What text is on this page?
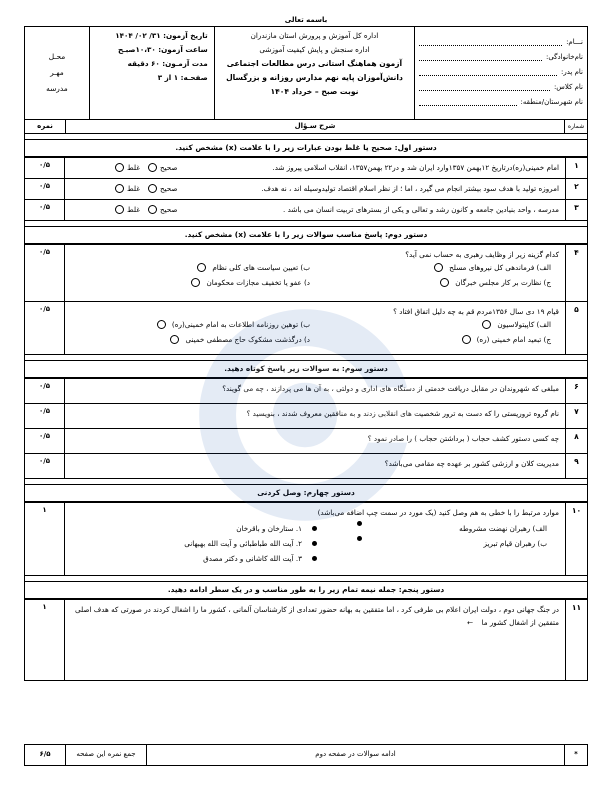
باسمه تعالی
نـــام:
نام‌خانوادگی:
نام پدر:
نام کلاس:
نام شهرستان/منطقه:
اداره کل آموزش و پرورش استان مازندران
اداره سنجش و پایش کیفیت آموزشی
آزمون هماهنگ استانی درس مطالعات اجتماعی
دانش‌آموزان پایه نهم مدارس روزانه و بزرگسال
نوبت صبح – خرداد ۱۴۰۴
تاریخ آزمون: ۳۱/ ۰۲/ ۱۴۰۴
ساعت آزمون: ۱۰،۳۰صبـح
مدت آزمـون: ۶۰ دقیقه
صفحـه: ۱ از ۳
محـل
مهـر
مدرسه
شماره
شرح سـؤال
نمره
دستور اول: صحیح یا غلط بودن عبارات زیر را با علامت (x) مشخص کنید.
۱
امام خمینی(ره)درتاریخ ۱۲بهمن ۱۳۵۷وارد ایران شد و در۲۲ بهمن۱۳۵۷، انقلاب اسلامی پیروز شد.
صحیح
غلط
۰/۵
۲
امروزه تولید با هدف سود بیشتر انجام می گیرد ، اما ؛ از نظر اسلام اقتصاد تولیدوسیله اند ، نه هدف.
صحیح
غلط
۰/۵
۳
مدرسه ، واحد بنیادین جامعه و کانون رشد و تعالی و یکی از بسترهای تربیت انسان می باشد .
صحیح
غلط
۰/۵
دستور دوم: پاسخ مناسب سوالات زیر را با علامت (x) مشخص کنید.
۴
کدام گزینه زیر از وظایف رهبری به حساب نمی آید؟
الف) فرماندهی کل نیروهای مسلح
ب) تعیین سیاست های کلی نظام
ج) نظارت بر کار مجلس خبرگان
د) عفو یا تخفیف مجازات محکومان
۰/۵
۵
قیام ۱۹ دی سال ۱۳۵۶مردم قم به چه دلیل اتفاق افتاد ؟
الف) کاپیتولاسیون
ب) توهین روزنامه اطلاعات به امام خمینی(ره)
ج) تبعید امام خمینی (ره)
د) درگذشت مشکوک حاج مصطفی خمینی
۰/۵
دستور سوم: به سوالات زیر پاسخ کوتاه دهید.
۶
مبلغی که شهروندان در مقابل دریافت خدمتی از دستگاه های اداری و دولتی ، به آن ها می پردازند ، چه می گویند؟
۰/۵
۷
نام گروه تروریستی را که دست به ترور شخصیت های انقلابی زدند و به منافقین معروف شدند ، بنویسید ؟
۰/۵
۸
چه کسی دستور کشف حجاب ( برداشتن حجاب ) را صادر نمود ؟
۰/۵
۹
مدیریت کلان و ارزشی کشور بر عهده چه مقامی می‌باشد؟
۰/۵
دستور چهارم: وصل کردنی
۱۰
موارد مرتبط را با خطی به هم وصل کنید (یک مورد در سمت چپ اضافه می‌باشد)
الف) رهبران نهضت مشروطه
ب) رهبران قیام تبریز
۱. ستارخان و باقرخان
۲. آیت الله طباطبائی و آیت الله بهبهانی
۳. آیت الله کاشانی و دکتر مصدق
۱
دستور پنجم: جمله نیمه تمام زیر را به طور مناسب و در یک سطر ادامه دهید.
۱۱
در جنگ جهانی دوم ، دولت ایران اعلام بی طرفی کرد ، اما متفقین به بهانه حضور تعدادی از کارشناسان آلمانی ، کشور ما را اشغال کردند در صورتی که هدف اصلی متفقین از اشغال کشور ما ←
۱
*
ادامه سوالات در صفحه دوم
جمع نمره این صفحه
۶/۵
